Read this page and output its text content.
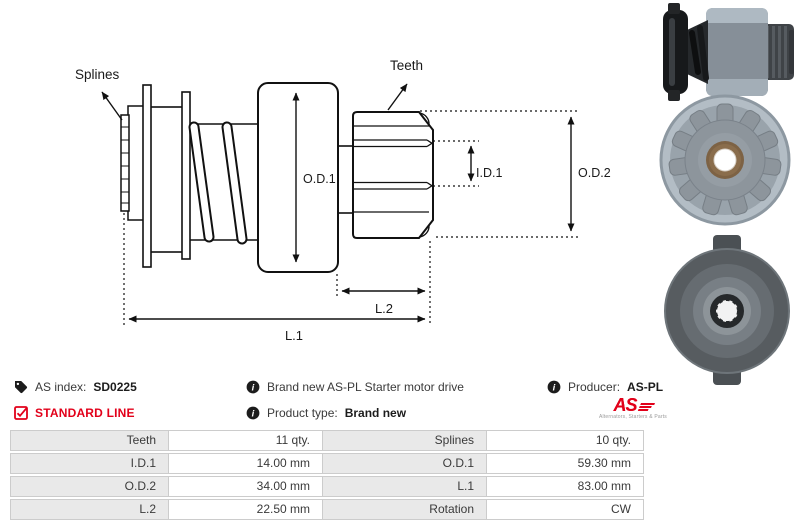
O.D.1	I.D.1	O.D.2
L.2
L.1
Splines
Teeth
AS index: SD0225
STANDARD LINE
i Brand new AS-PL Starter motor drive
i Product type: Brand new
i Producer: AS-PL
AS
Alternators, Starters & Parts
Teeth	11 qty.	Splines	10 qty.
I.D.1	14.00 mm	O.D.1	59.30 mm
O.D.2	34.00 mm	L.1	83.00 mm
L.2	22.50 mm	Rotation	CW
